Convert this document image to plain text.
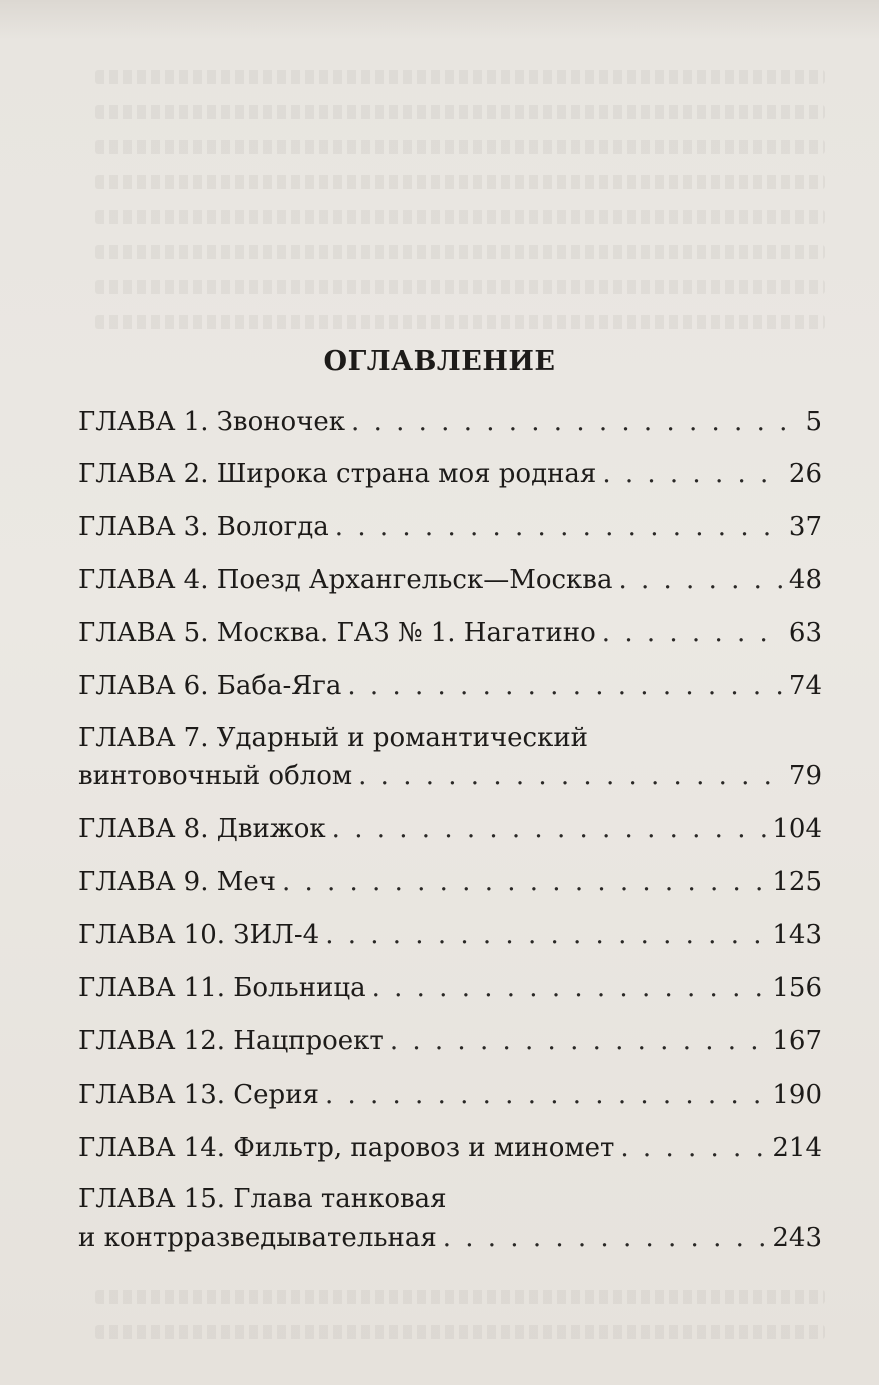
ОГЛАВЛЕНИЕ
ГЛАВА 1. Звоночек . . .	5
ГЛАВА 2. Широка страна моя родная . . .	26
ГЛАВА 3. Вологда . . .	37
ГЛАВА 4. Поезд Архангельск—Москва . . .	48
ГЛАВА 5. Москва. ГАЗ № 1. Нагатино . . .	63
ГЛАВА 6. Баба-Яга . . .	74
ГЛАВА 7. Ударный и романтический
винтовочный облом . . .	79
ГЛАВА 8. Движок . . .	104
ГЛАВА 9. Меч . . .	125
ГЛАВА 10. ЗИЛ-4 . . .	143
ГЛАВА 11. Больница . . .	156
ГЛАВА 12. Нацпроект . . .	167
ГЛАВА 13. Серия . . .	190
ГЛАВА 14. Фильтр, паровоз и миномет . . .	214
ГЛАВА 15. Глава танковая
и контрразведывательная . . .	243
